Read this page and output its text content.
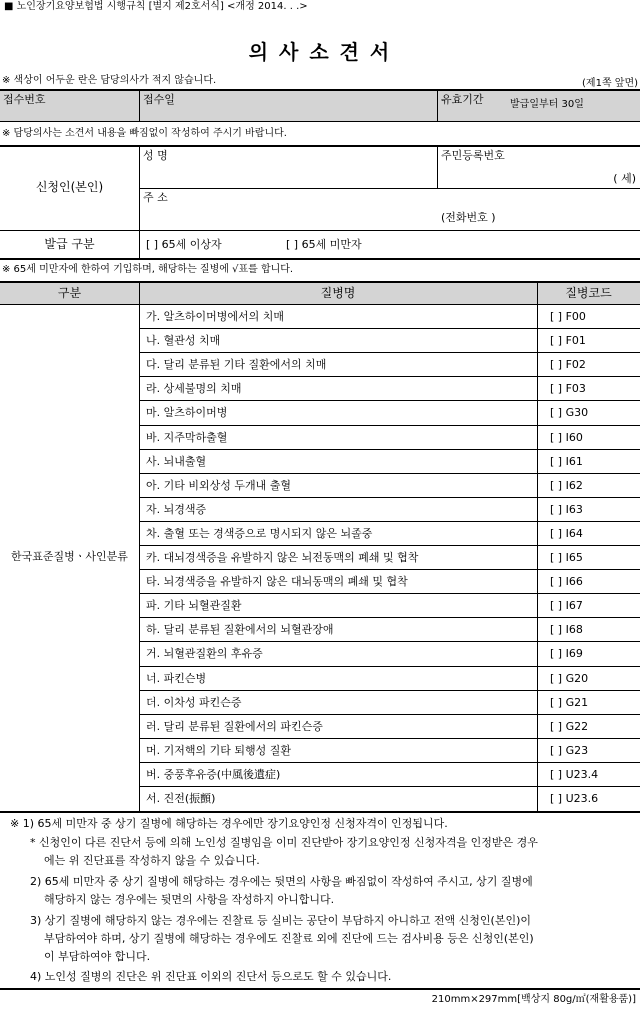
■ 노인장기요양보험법 시행규칙 [별지 제2호서식] <개정 2014. . .>
의 사 소 견 서
※ 색상이 어두운 란은 담당의사가 적지 않습니다.	(제1쪽 앞면)
접수번호	접수일	유효기간	발급일부터 30일
※ 담당의사는 소견서 내용을 빠짐없이 작성하여 주시기 바랍니다.
신청인(본인)
성 명	주민등록번호
( 세)
주 소
(전화번호 )
발급 구분	[ ] 65세 이상자	[ ] 65세 미만자
※ 65세 미만자에 한하여 기입하며, 해당하는 질병에 √표를 합니다.
구분	질병명	질병코드
한국표준질병ㆍ사인분류
가. 알츠하이머병에서의 치매	[ ] F00
나. 혈관성 치매	[ ] F01
다. 달리 분류된 기타 질환에서의 치매	[ ] F02
라. 상세불명의 치매	[ ] F03
마. 알츠하이머병	[ ] G30
바. 지주막하출혈	[ ] I60
사. 뇌내출혈	[ ] I61
아. 기타 비외상성 두개내 출혈	[ ] I62
자. 뇌경색증	[ ] I63
차. 출혈 또는 경색증으로 명시되지 않은 뇌졸중	[ ] I64
카. 대뇌경색증을 유발하지 않은 뇌전동맥의 폐쇄 및 협착	[ ] I65
타. 뇌경색증을 유발하지 않은 대뇌동맥의 폐쇄 및 협착	[ ] I66
파. 기타 뇌혈관질환	[ ] I67
하. 달리 분류된 질환에서의 뇌혈관장애	[ ] I68
거. 뇌혈관질환의 후유증	[ ] I69
너. 파킨슨병	[ ] G20
더. 이차성 파킨슨증	[ ] G21
러. 달리 분류된 질환에서의 파킨슨증	[ ] G22
머. 기저핵의 기타 퇴행성 질환	[ ] G23
버. 중풍후유증(中風後遺症)	[ ] U23.4
서. 진전(振顫)	[ ] U23.6
※ 1) 65세 미만자 중 상기 질병에 해당하는 경우에만 장기요양인정 신청자격이 인정됩니다.
* 신청인이 다른 진단서 등에 의해 노인성 질병임을 이미 진단받아 장기요양인정 신청자격을 인정받은 경우
에는 위 진단표를 작성하지 않을 수 있습니다.
2) 65세 미만자 중 상기 질병에 해당하는 경우에는 뒷면의 사항을 빠짐없이 작성하여 주시고, 상기 질병에
해당하지 않는 경우에는 뒷면의 사항을 작성하지 아니합니다.
3) 상기 질병에 해당하지 않는 경우에는 진찰료 등 실비는 공단이 부담하지 아니하고 전액 신청인(본인)이
부담하여야 하며, 상기 질병에 해당하는 경우에도 진찰료 외에 진단에 드는 검사비용 등은 신청인(본인)
이 부담하여야 합니다.
4) 노인성 질병의 진단은 위 진단표 이외의 진단서 등으로도 할 수 있습니다.
210mm×297mm[백상지 80g/㎡(재활용품)]
